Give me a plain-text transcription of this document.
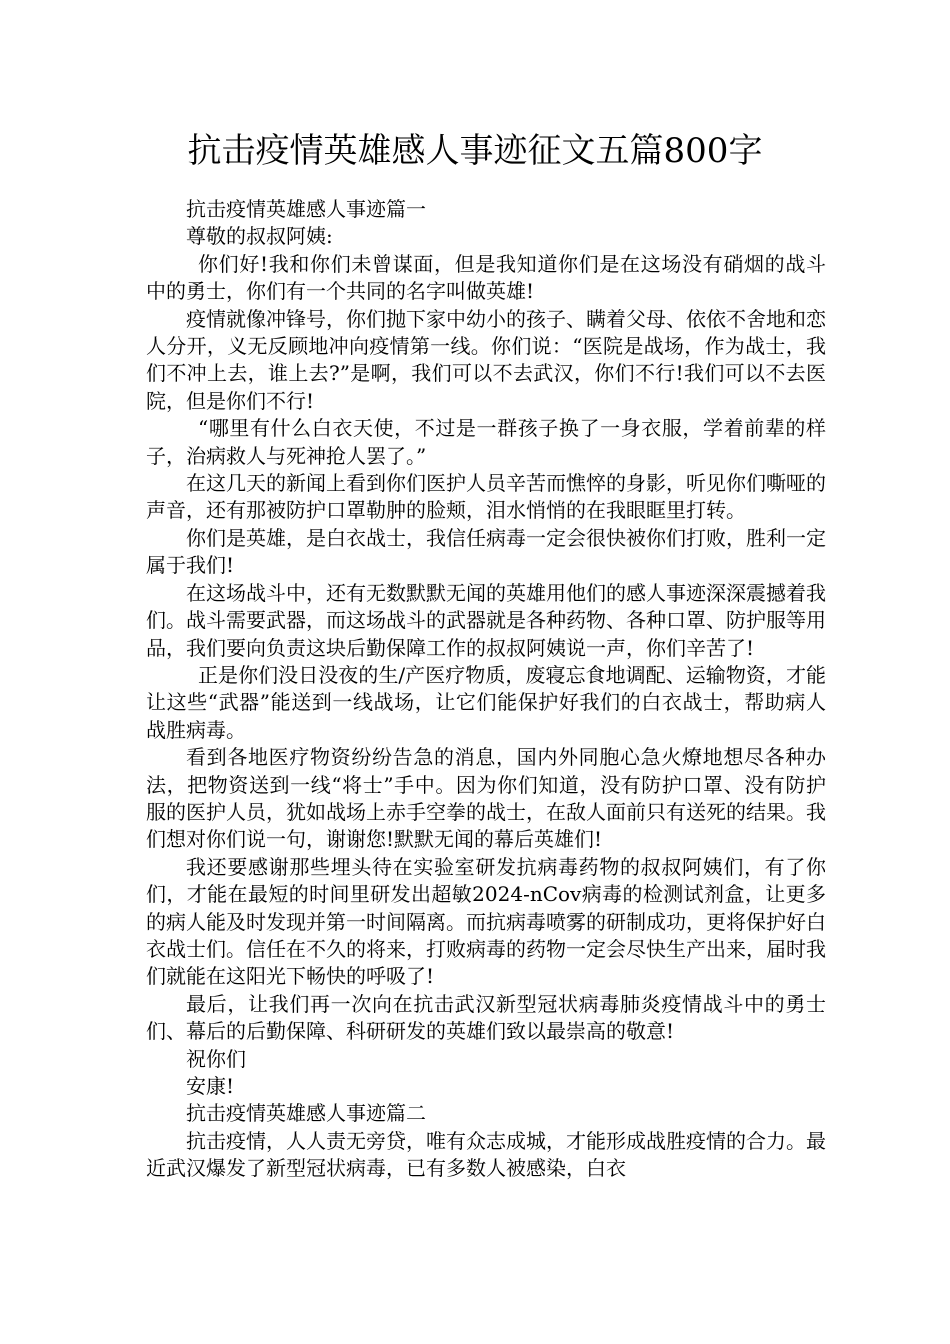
抗击疫情英雄感人事迹征文五篇800字

抗击疫情英雄感人事迹篇一

尊敬的叔叔阿姨:

你们好!我和你们未曾谋面，但是我知道你们是在这场没有硝烟的战斗中的勇士，你们有一个共同的名字叫做英雄!

疫情就像冲锋号，你们抛下家中幼小的孩子、瞒着父母、依依不舍地和恋人分开，义无反顾地冲向疫情第一线。你们说：“医院是战场，作为战士，我们不冲上去，谁上去?”是啊，我们可以不去武汉，你们不行!我们可以不去医院，但是你们不行!

“哪里有什么白衣天使，不过是一群孩子换了一身衣服，学着前辈的样子，治病救人与死神抢人罢了。”

在这几天的新闻上看到你们医护人员辛苦而憔悴的身影，听见你们嘶哑的声音，还有那被防护口罩勒肿的脸颊，泪水悄悄的在我眼眶里打转。

你们是英雄，是白衣战士，我信任病毒一定会很快被你们打败，胜利一定属于我们!

在这场战斗中，还有无数默默无闻的英雄用他们的感人事迹深深震撼着我们。战斗需要武器，而这场战斗的武器就是各种药物、各种口罩、防护服等用品，我们要向负责这块后勤保障工作的叔叔阿姨说一声，你们辛苦了!

正是你们没日没夜的生/产医疗物质，废寝忘食地调配、运输物资，才能让这些“武器”能送到一线战场，让它们能保护好我们的白衣战士，帮助病人战胜病毒。

看到各地医疗物资纷纷告急的消息，国内外同胞心急火燎地想尽各种办法，把物资送到一线“将士”手中。因为你们知道，没有防护口罩、没有防护服的医护人员，犹如战场上赤手空拳的战士，在敌人面前只有送死的结果。我们想对你们说一句，谢谢您!默默无闻的幕后英雄们!

我还要感谢那些埋头待在实验室研发抗病毒药物的叔叔阿姨们，有了你们，才能在最短的时间里研发出超敏2024-nCov病毒的检测试剂盒，让更多的病人能及时发现并第一时间隔离。而抗病毒喷雾的研制成功，更将保护好白衣战士们。信任在不久的将来，打败病毒的药物一定会尽快生产出来，届时我们就能在这阳光下畅快的呼吸了!

最后，让我们再一次向在抗击武汉新型冠状病毒肺炎疫情战斗中的勇士们、幕后的后勤保障、科研研发的英雄们致以最崇高的敬意!

祝你们

安康!

抗击疫情英雄感人事迹篇二

抗击疫情，人人责无旁贷，唯有众志成城，才能形成战胜疫情的合力。最近武汉爆发了新型冠状病毒，已有多数人被感染，白衣
